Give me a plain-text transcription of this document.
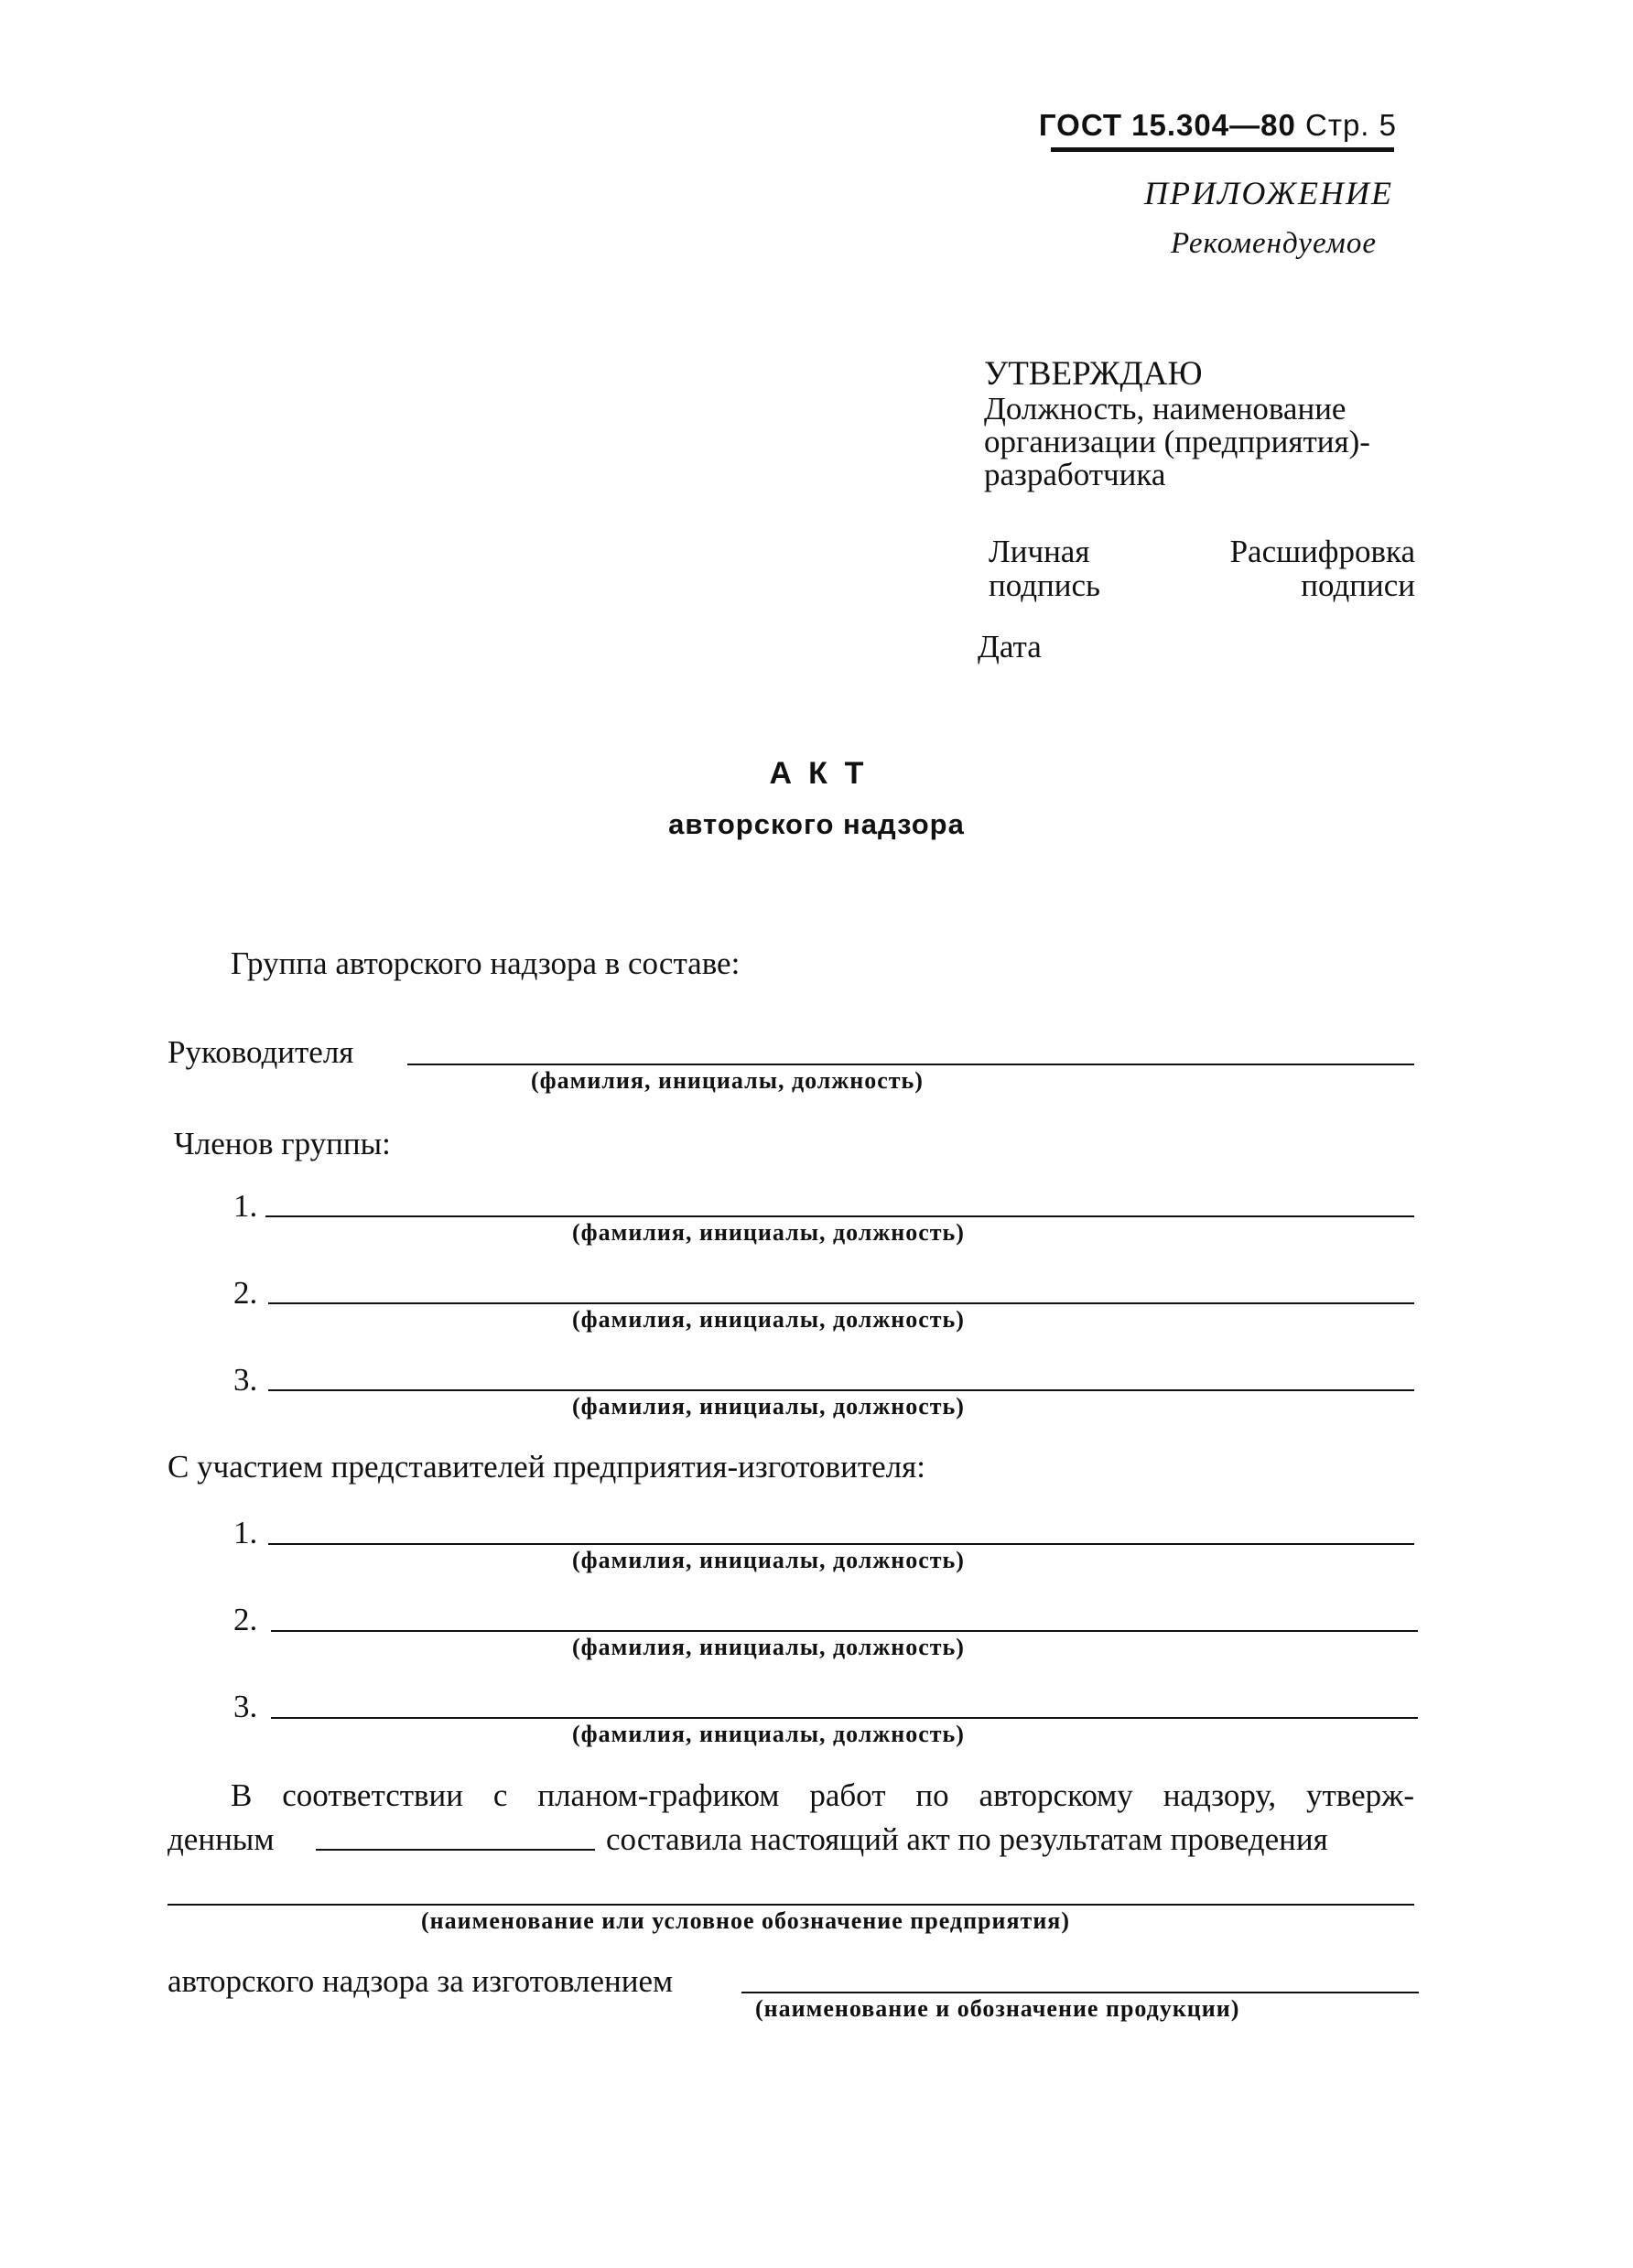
ГОСТ 15.304—80 Стр. 5
ПРИЛОЖЕНИЕ
Рекомендуемое
УТВЕРЖДАЮ
Должность, наименование
организации (предприятия)-
разработчика
Личная
подпись
Расшифровка
подписи
Дата
АКТ
авторского надзора
Группа авторского надзора в составе:
Руководителя
(фамилия, инициалы, должность)
Членов группы:
1.
(фамилия, инициалы, должность)
2.
(фамилия, инициалы, должность)
3.
(фамилия, инициалы, должность)
С участием представителей предприятия-изготовителя:
1.
(фамилия, инициалы, должность)
2.
(фамилия, инициалы, должность)
3.
(фамилия, инициалы, должность)
В соответствии с планом-графиком работ по авторскому надзору, утверж-
денным	составила настоящий акт по результатам проведения
(наименование или условное обозначение предприятия)
авторского надзора за изготовлением
(наименование и обозначение продукции)
